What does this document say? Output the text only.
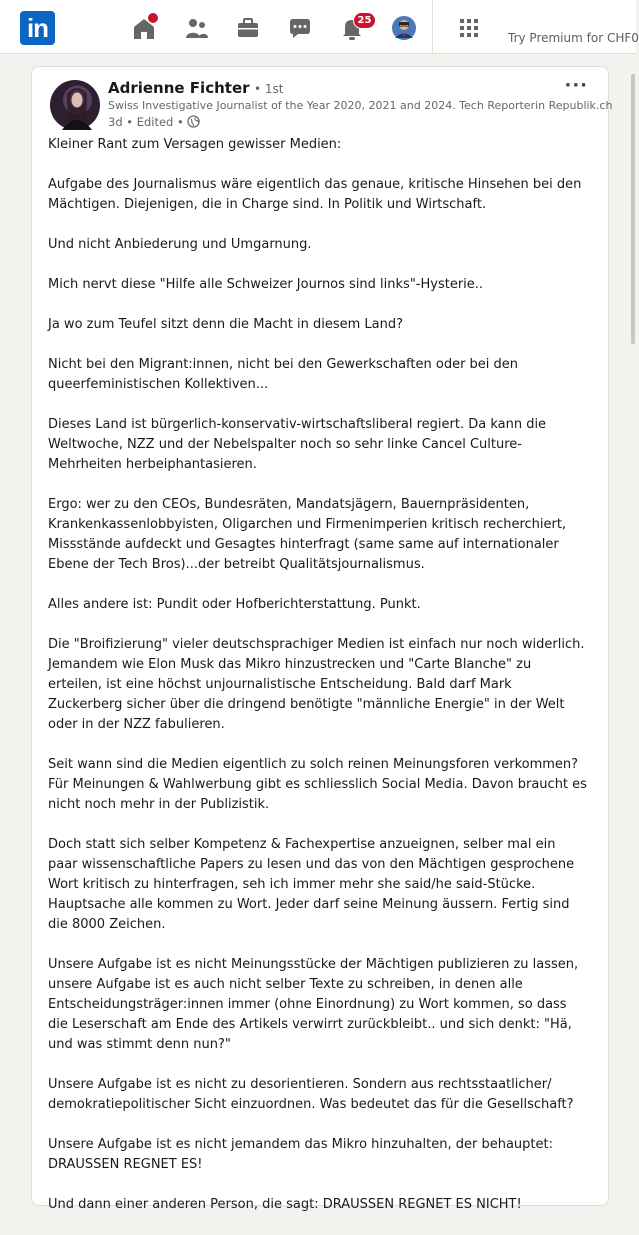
in	25
Try Premium for CHF0
Adrienne Fichter • 1st
Swiss Investigative Journalist of the Year 2020, 2021 and 2024. Tech Reporterin Republik.ch
3d • Edited •
···

Kleiner Rant zum Versagen gewisser Medien:

Aufgabe des Journalismus wäre eigentlich das genaue, kritische Hinsehen bei den Mächtigen. Diejenigen, die in Charge sind. In Politik und Wirtschaft.

Und nicht Anbiederung und Umgarnung.

Mich nervt diese "Hilfe alle Schweizer Journos sind links"-Hysterie..

Ja wo zum Teufel sitzt denn die Macht in diesem Land?

Nicht bei den Migrant:innen, nicht bei den Gewerkschaften oder bei den queerfeministischen Kollektiven...

Dieses Land ist bürgerlich-konservativ-wirtschaftsliberal regiert. Da kann die Weltwoche, NZZ und der Nebelspalter noch so sehr linke Cancel Culture- Mehrheiten herbeiphantasieren.

Ergo: wer zu den CEOs, Bundesräten, Mandatsjägern, Bauernpräsidenten, Krankenkassenlobbyisten, Oligarchen und Firmenimperien kritisch recherchiert, Missstände aufdeckt und Gesagtes hinterfragt (same same auf internationaler Ebene der Tech Bros)...der betreibt Qualitätsjournalismus.

Alles andere ist: Pundit oder Hofberichterstattung. Punkt.

Die "Broifizierung" vieler deutschsprachiger Medien ist einfach nur noch widerlich. Jemandem wie Elon Musk das Mikro hinzustrecken und "Carte Blanche" zu erteilen, ist eine höchst unjournalistische Entscheidung. Bald darf Mark Zuckerberg sicher über die dringend benötigte "männliche Energie" in der Welt oder in der NZZ fabulieren.

Seit wann sind die Medien eigentlich zu solch reinen Meinungsforen verkommen? Für Meinungen & Wahlwerbung gibt es schliesslich Social Media. Davon braucht es nicht noch mehr in der Publizistik.

Doch statt sich selber Kompetenz & Fachexpertise anzueignen, selber mal ein paar wissenschaftliche Papers zu lesen und das von den Mächtigen gesprochene Wort kritisch zu hinterfragen, seh ich immer mehr she said/he said-Stücke. Hauptsache alle kommen zu Wort. Jeder darf seine Meinung äussern. Fertig sind die 8000 Zeichen.

Unsere Aufgabe ist es nicht Meinungsstücke der Mächtigen publizieren zu lassen, unsere Aufgabe ist es auch nicht selber Texte zu schreiben, in denen alle Entscheidungsträger:innen immer (ohne Einordnung) zu Wort kommen, so dass die Leserschaft am Ende des Artikels verwirrt zurückbleibt.. und sich denkt: "Hä, und was stimmt denn nun?"

Unsere Aufgabe ist es nicht zu desorientieren. Sondern aus rechtsstaatlicher/ demokratiepolitischer Sicht einzuordnen. Was bedeutet das für die Gesellschaft?

Unsere Aufgabe ist es nicht jemandem das Mikro hinzuhalten, der behauptet: DRAUSSEN REGNET ES!

Und dann einer anderen Person, die sagt: DRAUSSEN REGNET ES NICHT!
